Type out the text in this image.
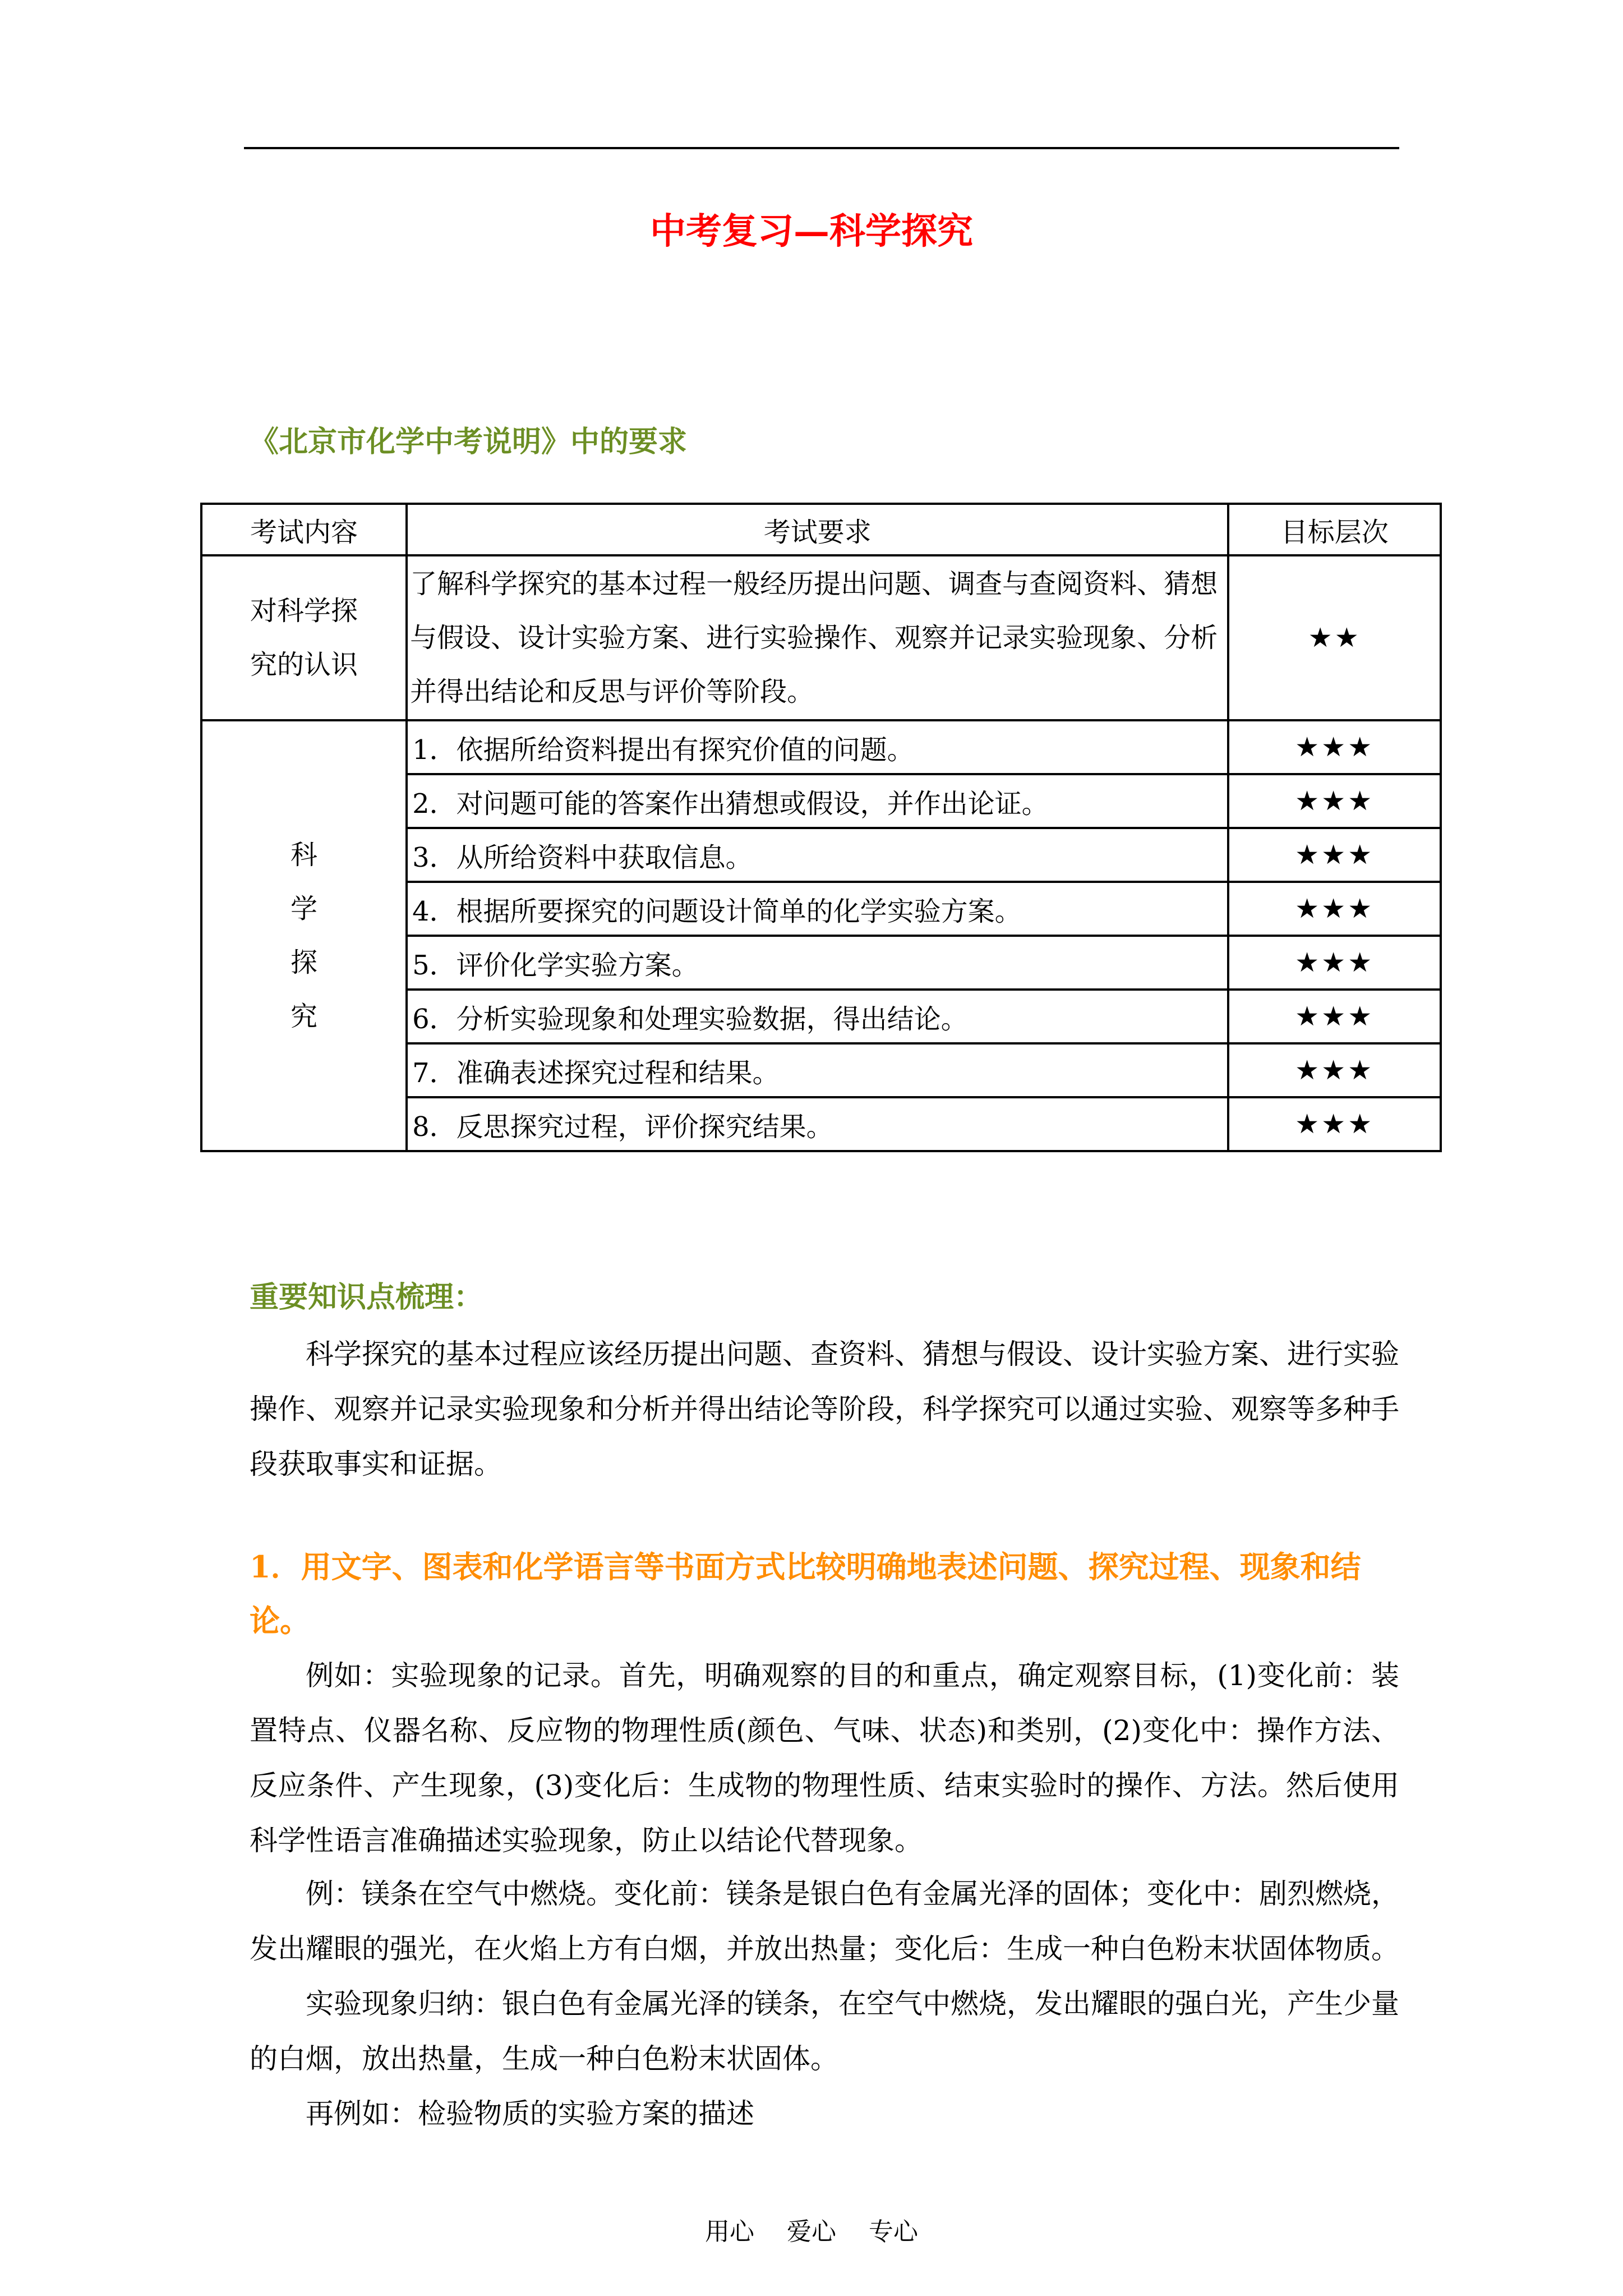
中考复习—科学探究
《北京市化学中考说明》中的要求
考试内容	考试要求	目标层次

对科学探
究的认识	了解科学探究的基本过程一般经历提出问题、调查与查阅资料、猜想与假设、设计实验方案、进行实验操作、观察并记录实验现象、分析并得出结论和反思与评价等阶段。	★★

科
学
探
究	1．依据所给资料提出有探究价值的问题。	★★★
	2．对问题可能的答案作出猜想或假设，并作出论证。	★★★
	3．从所给资料中获取信息。	★★★
	4．根据所要探究的问题设计简单的化学实验方案。	★★★
	5．评价化学实验方案。	★★★
	6．分析实验现象和处理实验数据，得出结论。	★★★
	7．准确表述探究过程和结果。	★★★
	8．反思探究过程，评价探究结果。	★★★
重要知识点梳理：

科学探究的基本过程应该经历提出问题、查资料、猜想与假设、设计实验方案、进行实验操作、观察并记录实验现象和分析并得出结论等阶段，科学探究可以通过实验、观察等多种手段获取事实和证据。

1．用文字、图表和化学语言等书面方式比较明确地表述问题、探究过程、现象和结论。

例如：实验现象的记录。首先，明确观察的目的和重点，确定观察目标，(1)变化前：装置特点、仪器名称、反应物的物理性质(颜色、气味、状态)和类别，(2)变化中：操作方法、反应条件、产生现象，(3)变化后：生成物的物理性质、结束实验时的操作、方法。然后使用科学性语言准确描述实验现象，防止以结论代替现象。

例：镁条在空气中燃烧。变化前：镁条是银白色有金属光泽的固体；变化中：剧烈燃烧，发出耀眼的强光，在火焰上方有白烟，并放出热量；变化后：生成一种白色粉末状固体物质。

实验现象归纳：银白色有金属光泽的镁条，在空气中燃烧，发出耀眼的强白光，产生少量的白烟，放出热量，生成一种白色粉末状固体。

再例如：检验物质的实验方案的描述

用心 爱心 专心
